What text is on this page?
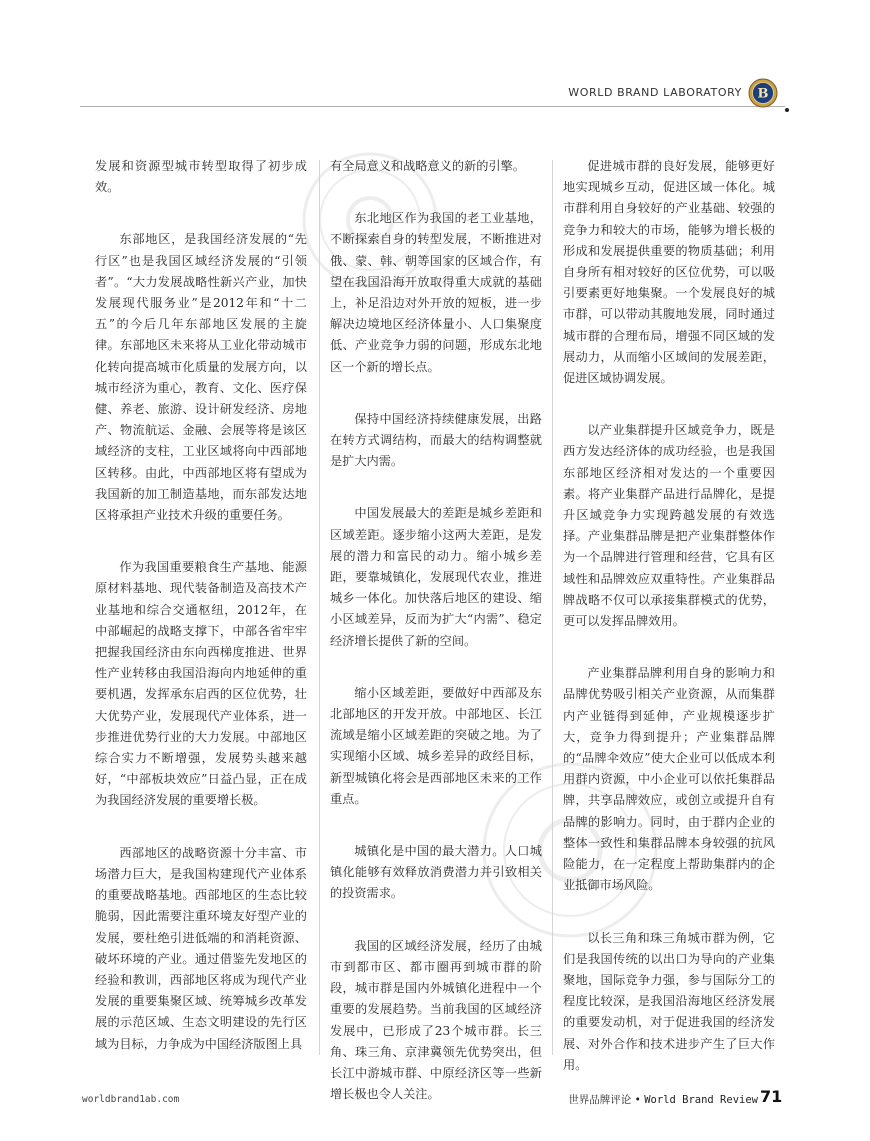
WORLD BRAND LABORATORY B

发展和资源型城市转型取得了初步成效。

东部地区，是我国经济发展的“先行区”也是我国区域经济发展的“引领者”。“大力发展战略性新兴产业，加快发展现代服务业”是2012年和“十二五”的今后几年东部地区发展的主旋律。东部地区未来将从工业化带动城市化转向提高城市化质量的发展方向，以城市经济为重心，教育、文化、医疗保健、养老、旅游、设计研发经济、房地产、物流航运、金融、会展等将是该区域经济的支柱，工业区域将向中西部地区转移。由此，中西部地区将有望成为我国新的加工制造基地，而东部发达地区将承担产业技术升级的重要任务。

作为我国重要粮食生产基地、能源原材料基地、现代装备制造及高技术产业基地和综合交通枢纽，2012年，在中部崛起的战略支撑下，中部各省牢牢把握我国经济由东向西梯度推进、世界性产业转移由我国沿海向内地延伸的重要机遇，发挥承东启西的区位优势，壮大优势产业，发展现代产业体系，进一步推进优势行业的大力发展。中部地区综合实力不断增强，发展势头越来越好，“中部板块效应”日益凸显，正在成为我国经济发展的重要增长极。

西部地区的战略资源十分丰富、市场潜力巨大，是我国构建现代产业体系的重要战略基地。西部地区的生态比较脆弱，因此需要注重环境友好型产业的发展，要杜绝引进低端的和消耗资源、破坏环境的产业。通过借鉴先发地区的经验和教训，西部地区将成为现代产业发展的重要集聚区域、统筹城乡改革发展的示范区域、生态文明建设的先行区域为目标，力争成为中国经济版图上具

有全局意义和战略意义的新的引擎。

东北地区作为我国的老工业基地，不断探索自身的转型发展，不断推进对俄、蒙、韩、朝等国家的区域合作，有望在我国沿海开放取得重大成就的基础上，补足沿边对外开放的短板，进一步解决边境地区经济体量小、人口集聚度低、产业竞争力弱的问题，形成东北地区一个新的增长点。

保持中国经济持续健康发展，出路在转方式调结构，而最大的结构调整就是扩大内需。

中国发展最大的差距是城乡差距和区域差距。逐步缩小这两大差距，是发展的潜力和富民的动力。缩小城乡差距，要靠城镇化，发展现代农业，推进城乡一体化。加快落后地区的建设、缩小区域差异，反而为扩大“内需”、稳定经济增长提供了新的空间。

缩小区域差距，要做好中西部及东北部地区的开发开放。中部地区、长江流域是缩小区域差距的突破之地。为了实现缩小区域、城乡差异的政经目标，新型城镇化将会是西部地区未来的工作重点。

城镇化是中国的最大潜力。人口城镇化能够有效释放消费潜力并引致相关的投资需求。

我国的区域经济发展，经历了由城市到都市区、都市圈再到城市群的阶段，城市群是国内外城镇化进程中一个重要的发展趋势。当前我国的区域经济发展中，已形成了23个城市群。长三角、珠三角、京津冀领先优势突出，但长江中游城市群、中原经济区等一些新增长极也令人关注。

促进城市群的良好发展，能够更好地实现城乡互动，促进区域一体化。城市群利用自身较好的产业基础、较强的竞争力和较大的市场，能够为增长极的形成和发展提供重要的物质基础；利用自身所有相对较好的区位优势，可以吸引要素更好地集聚。一个发展良好的城市群，可以带动其腹地发展，同时通过城市群的合理布局，增强不同区域的发展动力，从而缩小区域间的发展差距，促进区域协调发展。

以产业集群提升区域竞争力，既是西方发达经济体的成功经验，也是我国东部地区经济相对发达的一个重要因素。将产业集群产品进行品牌化，是提升区域竞争力实现跨越发展的有效选择。产业集群品牌是把产业集群整体作为一个品牌进行管理和经营，它具有区域性和品牌效应双重特性。产业集群品牌战略不仅可以承接集群模式的优势，更可以发挥品牌效用。

产业集群品牌利用自身的影响力和品牌优势吸引相关产业资源，从而集群内产业链得到延伸，产业规模逐步扩大，竞争力得到提升；产业集群品牌的“品牌伞效应”使大企业可以低成本利用群内资源，中小企业可以依托集群品牌，共享品牌效应，或创立或提升自有品牌的影响力。同时，由于群内企业的整体一致性和集群品牌本身较强的抗风险能力，在一定程度上帮助集群内的企业抵御市场风险。

以长三角和珠三角城市群为例，它们是我国传统的以出口为导向的产业集聚地，国际竞争力强，参与国际分工的程度比较深，是我国沿海地区经济发展的重要发动机，对于促进我国的经济发展、对外合作和技术进步产生了巨大作用。

worldbrand1ab.com	世界品牌评论 • World Brand Review 71
